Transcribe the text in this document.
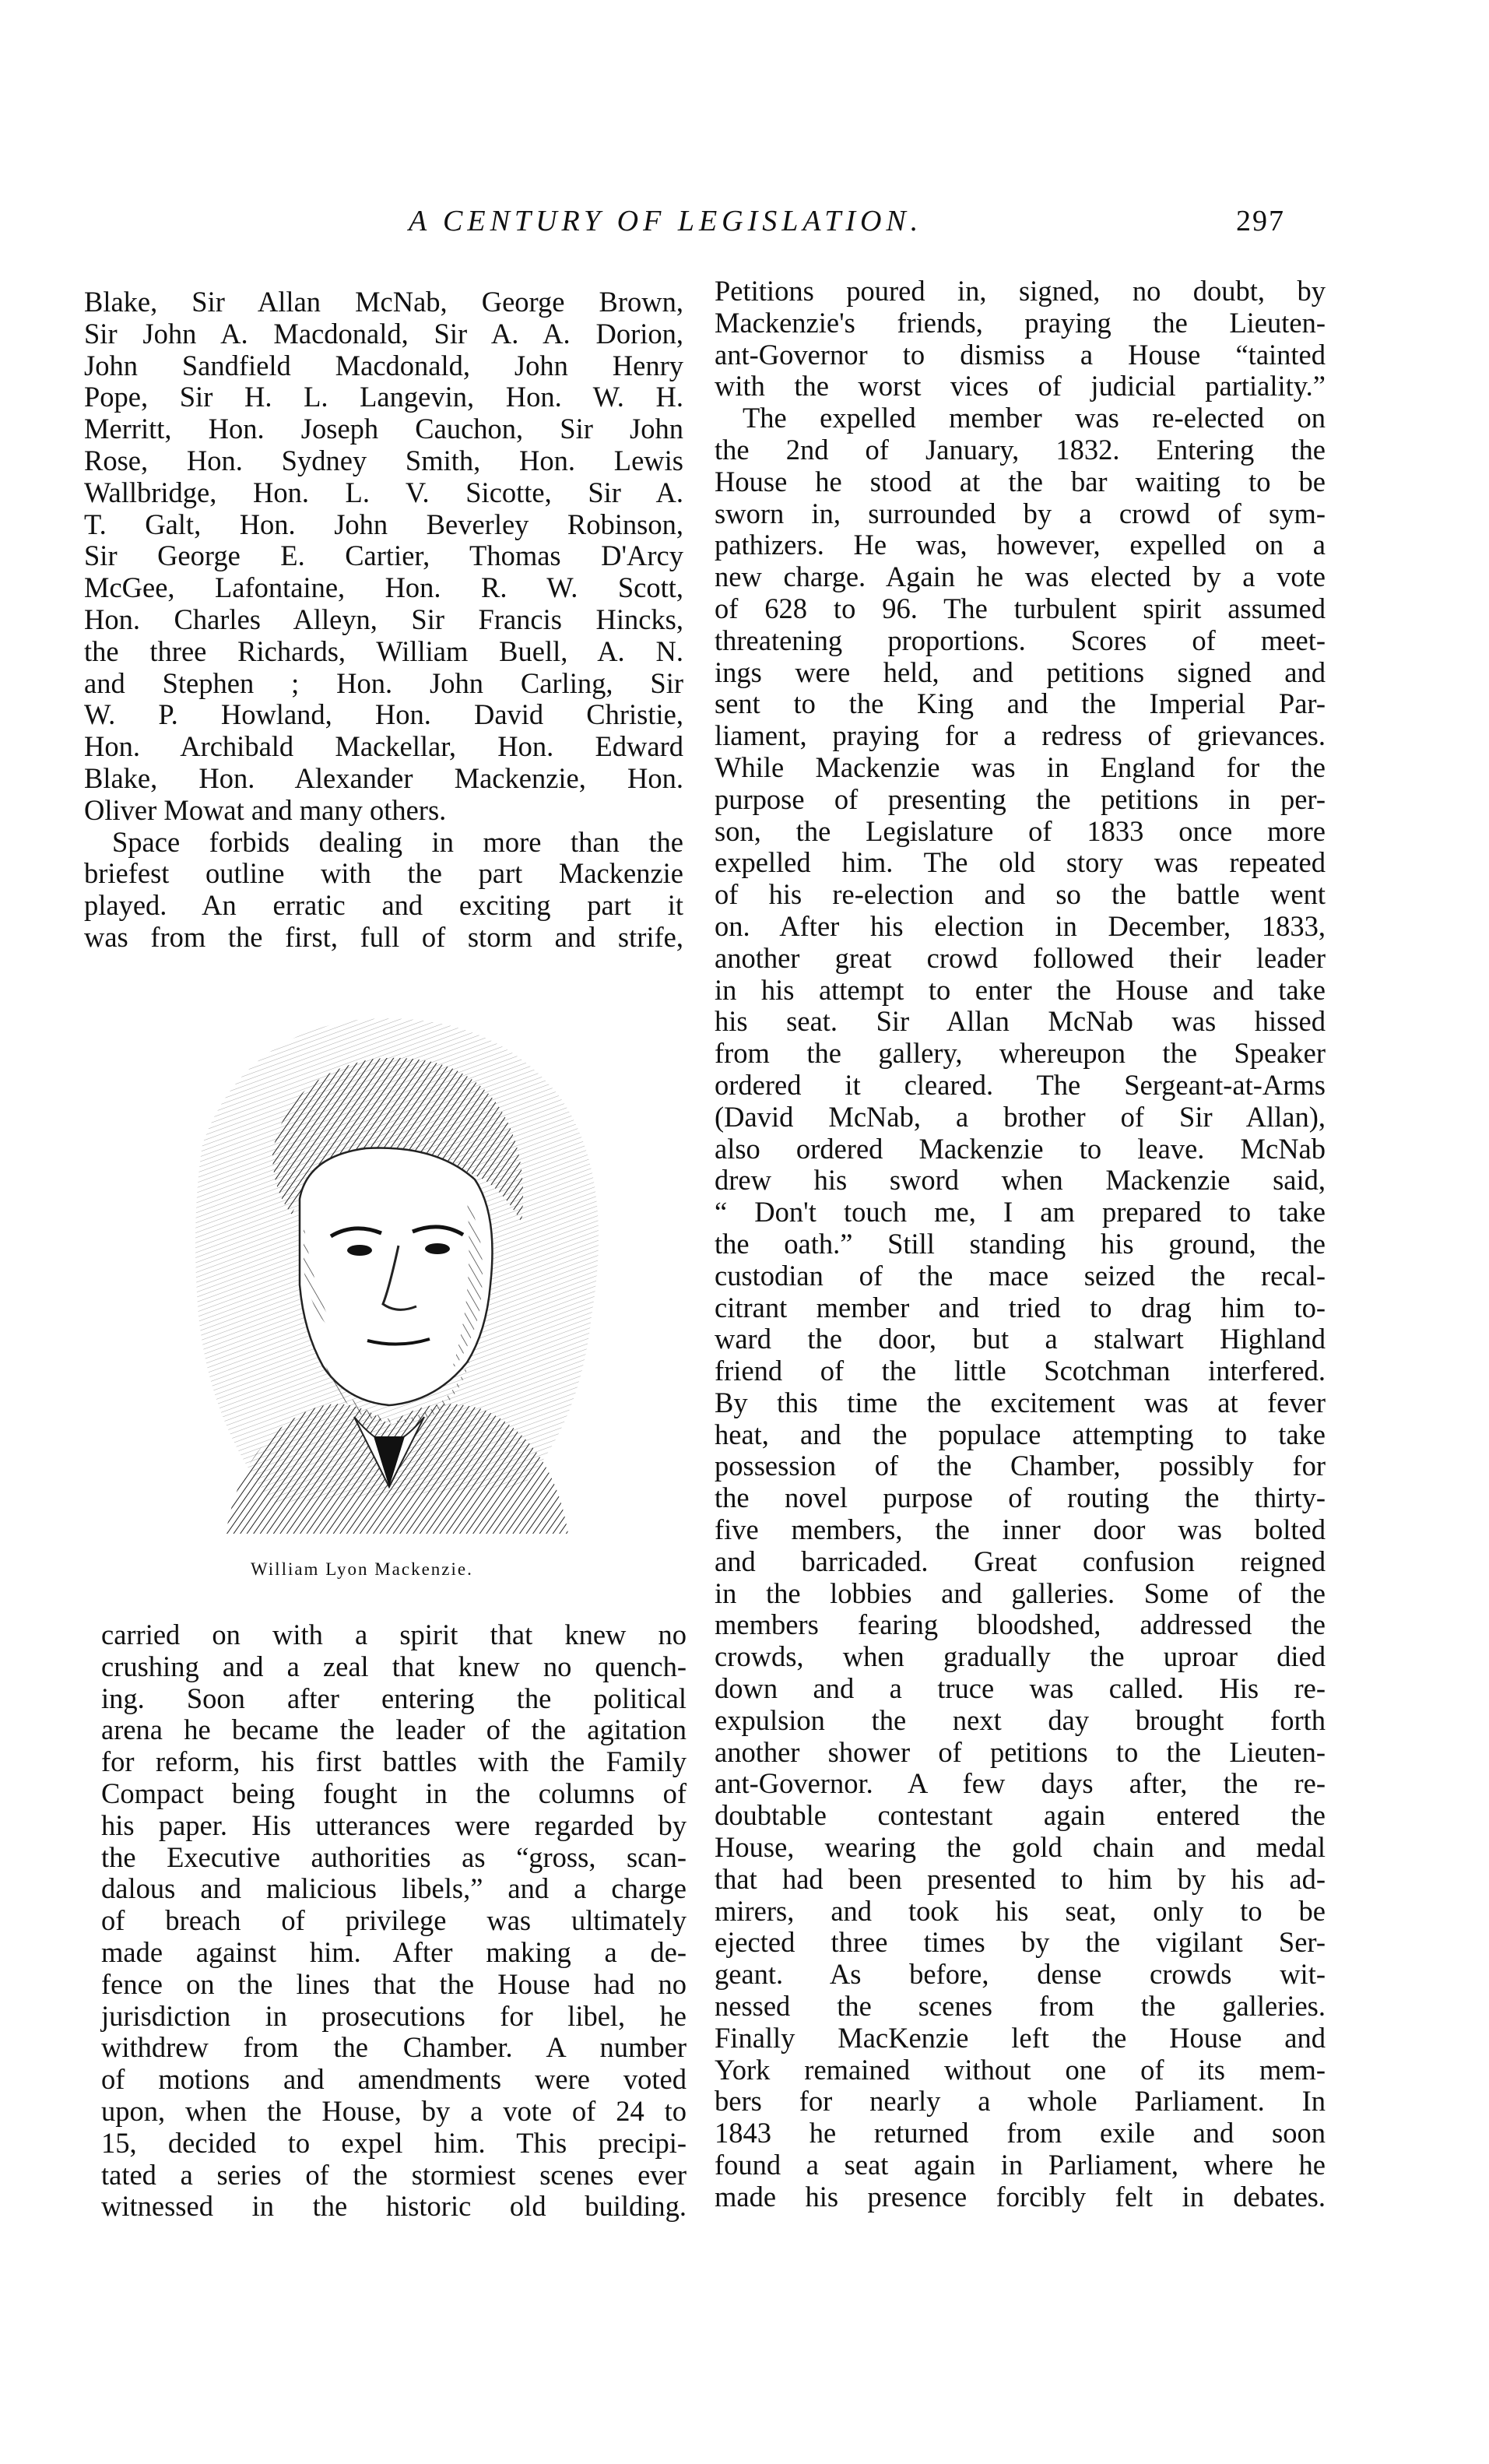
A CENTURY OF LEGISLATION.	297
Blake, Sir Allan McNab, George Brown,
Sir John A. Macdonald, Sir A. A. Dorion,
John Sandfield Macdonald, John Henry
Pope, Sir H. L. Langevin, Hon. W. H.
Merritt, Hon. Joseph Cauchon, Sir John
Rose, Hon. Sydney Smith, Hon. Lewis
Wallbridge, Hon. L. V. Sicotte, Sir A.
T. Galt, Hon. John Beverley Robinson,
Sir George E. Cartier, Thomas D'Arcy
McGee, Lafontaine, Hon. R. W. Scott,
Hon. Charles Alleyn, Sir Francis Hincks,
the three Richards, William Buell, A. N.
and Stephen ; Hon. John Carling, Sir
W. P. Howland, Hon. David Christie,
Hon. Archibald Mackellar, Hon. Edward
Blake, Hon. Alexander Mackenzie, Hon.
Oliver Mowat and many others.
Space forbids dealing in more than the
briefest outline with the part Mackenzie
played. An erratic and exciting part it
was from the first, full of storm and strife,
William Lyon Mackenzie.
carried on with a spirit that knew no
crushing and a zeal that knew no quench-
ing. Soon after entering the political
arena he became the leader of the agitation
for reform, his first battles with the Family
Compact being fought in the columns of
his paper. His utterances were regarded by
the Executive authorities as “gross, scan-
dalous and malicious libels,” and a charge
of breach of privilege was ultimately
made against him. After making a de-
fence on the lines that the House had no
jurisdiction in prosecutions for libel, he
withdrew from the Chamber. A number
of motions and amendments were voted
upon, when the House, by a vote of 24 to
15, decided to expel him. This precipi-
tated a series of the stormiest scenes ever
witnessed in the historic old building.
Petitions poured in, signed, no doubt, by
Mackenzie's friends, praying the Lieuten-
ant-Governor to dismiss a House “tainted
with the worst vices of judicial partiality.”
The expelled member was re-elected on
the 2nd of January, 1832. Entering the
House he stood at the bar waiting to be
sworn in, surrounded by a crowd of sym-
pathizers. He was, however, expelled on a
new charge. Again he was elected by a vote
of 628 to 96. The turbulent spirit assumed
threatening proportions. Scores of meet-
ings were held, and petitions signed and
sent to the King and the Imperial Par-
liament, praying for a redress of grievances.
While Mackenzie was in England for the
purpose of presenting the petitions in per-
son, the Legislature of 1833 once more
expelled him. The old story was repeated
of his re-election and so the battle went
on. After his election in December, 1833,
another great crowd followed their leader
in his attempt to enter the House and take
his seat. Sir Allan McNab was hissed
from the gallery, whereupon the Speaker
ordered it cleared. The Sergeant-at-Arms
(David McNab, a brother of Sir Allan),
also ordered Mackenzie to leave. McNab
drew his sword when Mackenzie said,
“ Don't touch me, I am prepared to take
the oath.” Still standing his ground, the
custodian of the mace seized the recal-
citrant member and tried to drag him to-
ward the door, but a stalwart Highland
friend of the little Scotchman interfered.
By this time the excitement was at fever
heat, and the populace attempting to take
possession of the Chamber, possibly for
the novel purpose of routing the thirty-
five members, the inner door was bolted
and barricaded. Great confusion reigned
in the lobbies and galleries. Some of the
members fearing bloodshed, addressed the
crowds, when gradually the uproar died
down and a truce was called. His re-
expulsion the next day brought forth
another shower of petitions to the Lieuten-
ant-Governor. A few days after, the re-
doubtable contestant again entered the
House, wearing the gold chain and medal
that had been presented to him by his ad-
mirers, and took his seat, only to be
ejected three times by the vigilant Ser-
geant. As before, dense crowds wit-
nessed the scenes from the galleries.
Finally MacKenzie left the House and
York remained without one of its mem-
bers for nearly a whole Parliament. In
1843 he returned from exile and soon
found a seat again in Parliament, where he
made his presence forcibly felt in debates.
